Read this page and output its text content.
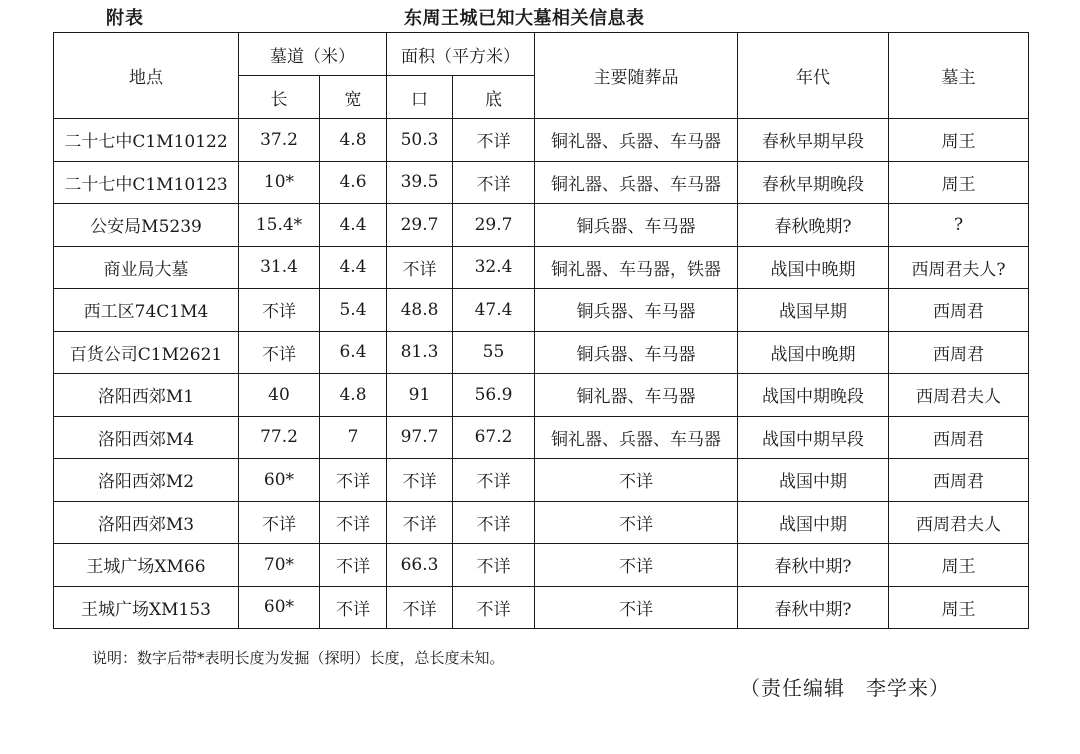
附表	东周王城已知大墓相关信息表
地点	墓道（米）		面积（平方米）		主要随葬品	年代	墓主
	长	宽	口	底			
二十七中C1M10122	37.2	4.8	50.3	不详	铜礼器、兵器、车马器	春秋早期早段	周王
二十七中C1M10123	10*	4.6	39.5	不详	铜礼器、兵器、车马器	春秋早期晚段	周王
公安局M5239	15.4*	4.4	29.7	29.7	铜兵器、车马器	春秋晚期?	?
商业局大墓	31.4	4.4	不详	32.4	铜礼器、车马器，铁器	战国中晚期	西周君夫人?
西工区74C1M4	不详	5.4	48.8	47.4	铜兵器、车马器	战国早期	西周君
百货公司C1M2621	不详	6.4	81.3	55	铜兵器、车马器	战国中晚期	西周君
洛阳西郊M1	40	4.8	91	56.9	铜礼器、车马器	战国中期晚段	西周君夫人
洛阳西郊M4	77.2	7	97.7	67.2	铜礼器、兵器、车马器	战国中期早段	西周君
洛阳西郊M2	60*	不详	不详	不详	不详	战国中期	西周君
洛阳西郊M3	不详	不详	不详	不详	不详	战国中期	西周君夫人
王城广场XM66	70*	不详	66.3	不详	不详	春秋中期?	周王
王城广场XM153	60*	不详	不详	不详	不详	春秋中期?	周王
说明：数字后带*表明长度为发掘（探明）长度，总长度未知。
（责任编辑　李学来）
